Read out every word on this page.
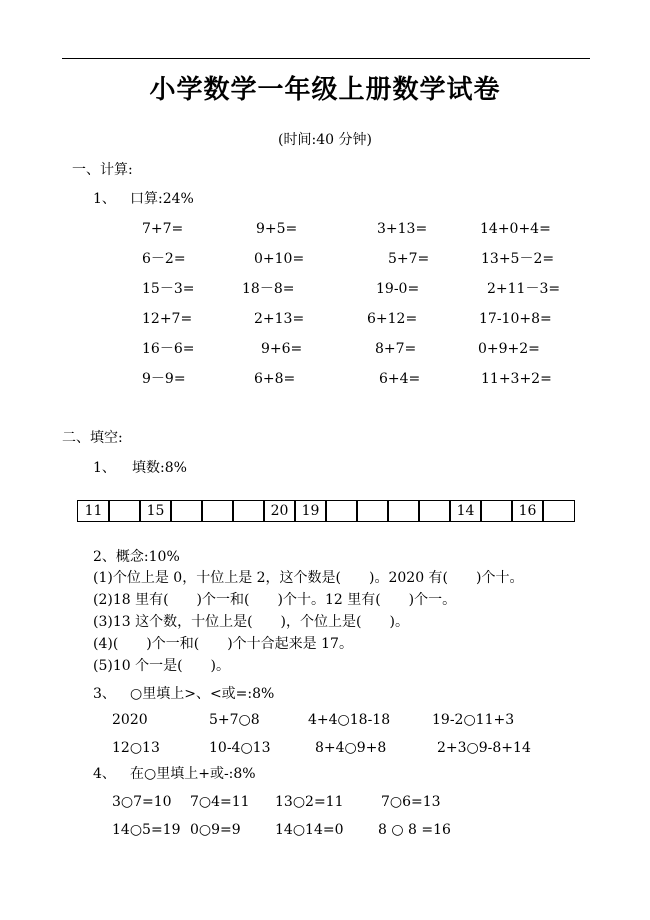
小学数学一年级上册数学试卷
(时间:40 分钟)
一、计算:
1、 口算:24%
7+7=	9+5=	3+13=	14+0+4=
6－2=	0+10=	5+7=	13+5－2=
15－3=	18－8=	19-0=	2+11－3=
12+7=	2+13=	6+12=	17-10+8=
16－6=	9+6=	8+7=	0+9+2=
9－9=	6+8=	6+4=	11+3+2=
二、填空:
1、 填数:8%
11	15	20 19	14	16
2、概念:10%
(1)个位上是 0，十位上是 2，这个数是(　　)。2020 有(　　)个十。
(2)18 里有(　　)个一和(　　)个十。12 里有(　　)个一。
(3)13 这个数，十位上是(　　)，个位上是(　　)。
(4)(　　)个一和(　　)个十合起来是 17。
(5)10 个一是(　　)。
3、 ○里填上>、<或=:8%
2020	5+7○8	4+4○18-18	19-2○11+3
12○13	10-4○13	8+4○9+8	2+3○9-8+14
4、 在○里填上+或-:8%
3○7=10 7○4=11 13○2=11	7○6=13
14○5=19 0○9=9 14○14=0 8 ○ 8 =16
